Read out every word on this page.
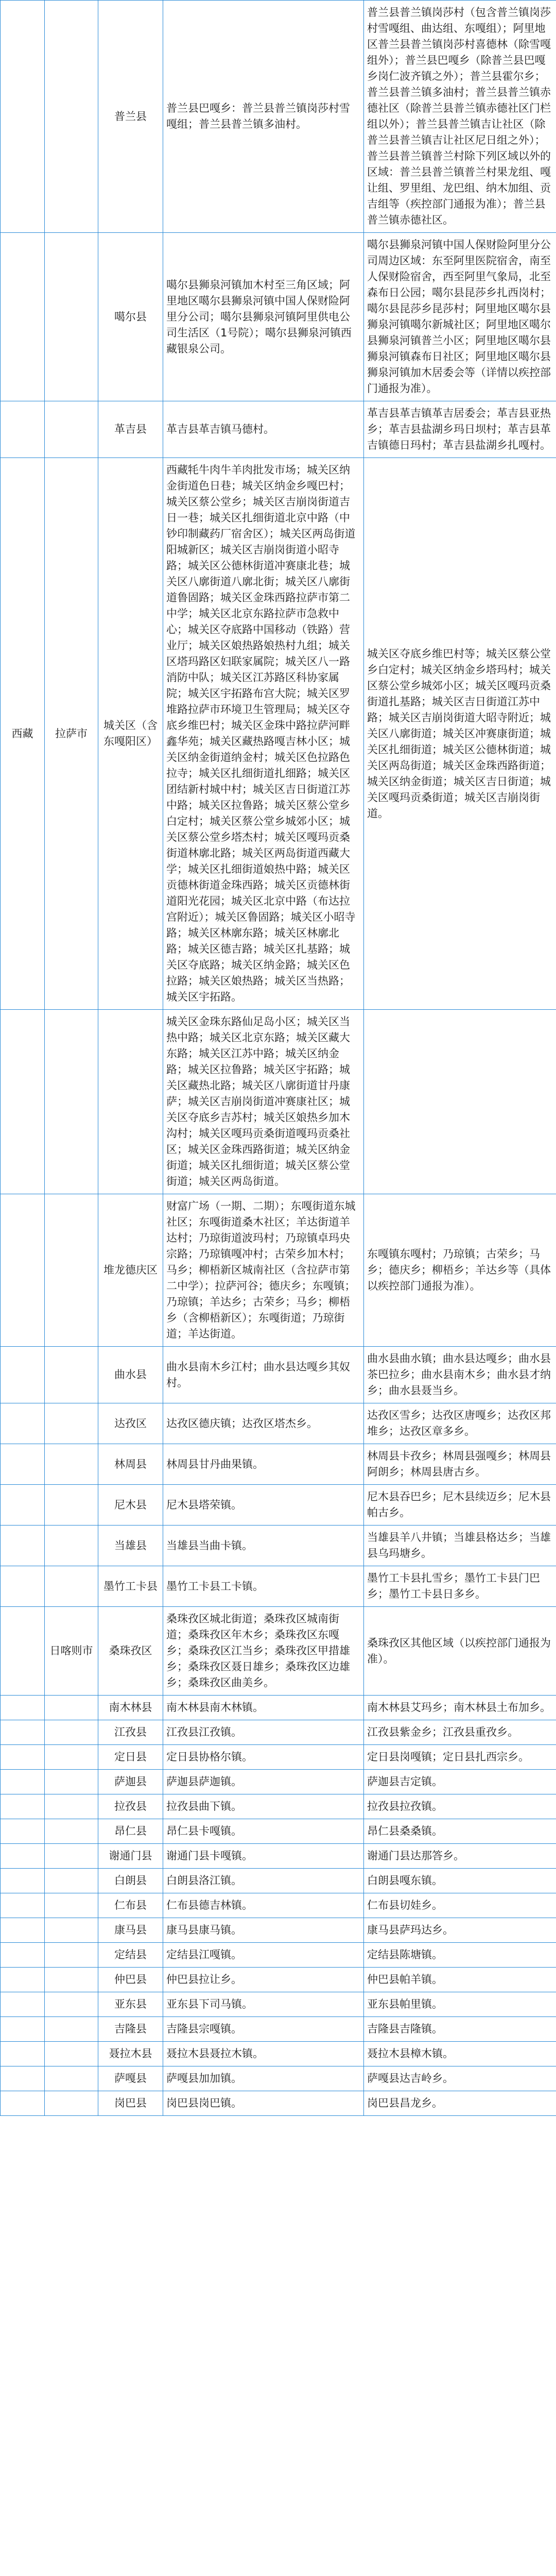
		普兰县	普兰县巴嘎乡：普兰县普兰镇岗莎村雪嘎组；普兰县普兰镇多油村。	普兰县普兰镇岗莎村（包含普兰镇岗莎村雪嘎组、曲达组、东嘎组）；阿里地区普兰县普兰镇岗莎村喜德林（除雪嘎组外）；普兰县巴嘎乡（除普兰县巴嘎乡岗仁波齐镇之外）；普兰县霍尔乡；普兰县普兰镇多油村；普兰县普兰镇赤德社区（除普兰县普兰镇赤德社区门栏组以外）；普兰县普兰镇吉让社区（除普兰县普兰镇吉让社区尼日组之外）；普兰县普兰镇普兰村除下列区域以外的区域：普兰县普兰镇普兰村果龙组、嘎让组、罗里组、龙巴组、纳木加组、贡吉组等（疾控部门通报为准）；普兰县普兰镇赤德社区。
		噶尔县	噶尔县狮泉河镇加木村至三角区域；阿里地区噶尔县狮泉河镇中国人保财险阿里分公司；噶尔县狮泉河镇阿里供电公司生活区（1号院）；噶尔县狮泉河镇西藏银泉公司。	噶尔县狮泉河镇中国人保财险阿里分公司周边区域：东至阿里医院宿舍，南至人保财险宿舍，西至阿里气象局，北至森布日公园；噶尔县昆莎乡扎西岗村；噶尔县昆莎乡昆莎村；阿里地区噶尔县狮泉河镇噶尔新城社区；阿里地区噶尔县狮泉河镇普兰小区；阿里地区噶尔县狮泉河镇森布日社区；阿里地区噶尔县狮泉河镇加木居委会等（详情以疾控部门通报为准）。
		革吉县	革吉县革吉镇马德村。	革吉县革吉镇革吉居委会；革吉县亚热乡；革吉县盐湖乡玛日坝村；革吉县革吉镇德日玛村；革吉县盐湖乡扎嘎村。
西藏	拉萨市	城关区（含东嘎阳区）	西藏牦牛肉牛羊肉批发市场；城关区纳金街道色日巷；城关区纳金乡嘎巴村；城关区蔡公堂乡；城关区吉崩岗街道吉日一巷；城关区扎细街道北京中路（中钞印制藏药厂宿舍区）；城关区两岛街道阳城新区；城关区吉崩岗街道小昭寺路；城关区公德林街道冲赛康北巷；城关区八廓街道八廓北街；城关区八廓街道鲁固路；城关区金珠西路拉萨市第二中学；城关区北京东路拉萨市急救中心；城关区夺底路中国移动（铁路）营业厅；城关区娘热路娘热村九组；城关区塔玛路区妇联家属院；城关区八一路消防中队；城关区江苏路区科协家属院；城关区宇拓路布宫大院；城关区罗堆路拉萨市环境卫生管理局；城关区夺底乡维巴村；城关区金珠中路拉萨河畔鑫华苑；城关区藏热路嘎吉林小区；城关区纳金街道纳金村；城关区色拉路色拉寺；城关区扎细街道扎细路；城关区团结新村城中村；城关区吉日街道江苏中路；城关区拉鲁路；城关区蔡公堂乡白定村；城关区蔡公堂乡城郊小区；城关区蔡公堂乡塔杰村；城关区嘎玛贡桑街道林廓北路；城关区两岛街道西藏大学；城关区扎细街道娘热中路；城关区贡德林街道金珠西路；城关区贡德林街道阳光花园；城关区北京中路（布达拉宫附近）；城关区鲁固路；城关区小昭寺路；城关区林廓东路；城关区林廓北路；城关区德吉路；城关区扎基路；城关区夺底路；城关区纳金路；城关区色拉路；城关区娘热路；城关区当热路；城关区宇拓路。	城关区夺底乡维巴村等；城关区蔡公堂乡白定村；城关区纳金乡塔玛村；城关区蔡公堂乡城郊小区；城关区嘎玛贡桑街道扎基路；城关区吉日街道江苏中路；城关区吉崩岗街道大昭寺附近；城关区八廓街道；城关区冲赛康街道；城关区扎细街道；城关区公德林街道；城关区两岛街道；城关区金珠西路街道；城关区纳金街道；城关区吉日街道；城关区嘎玛贡桑街道；城关区吉崩岗街道。
			城关区金珠东路仙足岛小区；城关区当热中路；城关区北京东路；城关区藏大东路；城关区江苏中路；城关区纳金路；城关区拉鲁路；城关区宇拓路；城关区藏热北路；城关区八廓街道甘丹康萨；城关区吉崩岗街道冲赛康社区；城关区夺底乡吉苏村；城关区娘热乡加木沟村；城关区嘎玛贡桑街道嘎玛贡桑社区；城关区金珠西路街道；城关区纳金街道；城关区扎细街道；城关区蔡公堂街道；城关区两岛街道。	
		堆龙德庆区	财富广场（一期、二期）；东嘎街道东城社区；东嘎街道桑木社区；羊达街道羊达村；乃琼街道波玛村；乃琼镇卓玛央宗路；乃琼镇嘎冲村；古荣乡加木村；马乡；柳梧新区城南社区（含拉萨市第二中学）；拉萨河谷；德庆乡；东嘎镇；乃琼镇；羊达乡；古荣乡；马乡；柳梧乡（含柳梧新区）；东嘎街道；乃琼街道；羊达街道。	东嘎镇东嘎村；乃琼镇；古荣乡；马乡；德庆乡；柳梧乡；羊达乡等（具体以疾控部门通报为准）。
		曲水县	曲水县南木乡江村；曲水县达嘎乡其奴村。	曲水县曲水镇；曲水县达嘎乡；曲水县茶巴拉乡；曲水县南木乡；曲水县才纳乡；曲水县聂当乡。
		达孜区	达孜区德庆镇；达孜区塔杰乡。	达孜区雪乡；达孜区唐嘎乡；达孜区邦堆乡；达孜区章多乡。
		林周县	林周县甘丹曲果镇。	林周县卡孜乡；林周县强嘎乡；林周县阿朗乡；林周县唐古乡。
		尼木县	尼木县塔荣镇。	尼木县吞巴乡；尼木县续迈乡；尼木县帕古乡。
		当雄县	当雄县当曲卡镇。	当雄县羊八井镇；当雄县格达乡；当雄县乌玛塘乡。
		墨竹工卡县	墨竹工卡县工卡镇。	墨竹工卡县扎雪乡；墨竹工卡县门巴乡；墨竹工卡县日多乡。
	日喀则市	桑珠孜区	桑珠孜区城北街道；桑珠孜区城南街道；桑珠孜区年木乡；桑珠孜区东嘎乡；桑珠孜区江当乡；桑珠孜区甲措雄乡；桑珠孜区聂日雄乡；桑珠孜区边雄乡；桑珠孜区曲美乡。	桑珠孜区其他区域（以疾控部门通报为准）。
		南木林县	南木林县南木林镇。	南木林县艾玛乡；南木林县土布加乡。
		江孜县	江孜县江孜镇。	江孜县紫金乡；江孜县重孜乡。
		定日县	定日县协格尔镇。	定日县岗嘎镇；定日县扎西宗乡。
		萨迦县	萨迦县萨迦镇。	萨迦县吉定镇。
		拉孜县	拉孜县曲下镇。	拉孜县拉孜镇。
		昂仁县	昂仁县卡嘎镇。	昂仁县桑桑镇。
		谢通门县	谢通门县卡嘎镇。	谢通门县达那答乡。
		白朗县	白朗县洛江镇。	白朗县嘎东镇。
		仁布县	仁布县德吉林镇。	仁布县切娃乡。
		康马县	康马县康马镇。	康马县萨玛达乡。
		定结县	定结县江嘎镇。	定结县陈塘镇。
		仲巴县	仲巴县拉让乡。	仲巴县帕羊镇。
		亚东县	亚东县下司马镇。	亚东县帕里镇。
		吉隆县	吉隆县宗嘎镇。	吉隆县吉隆镇。
		聂拉木县	聂拉木县聂拉木镇。	聂拉木县樟木镇。
		萨嘎县	萨嘎县加加镇。	萨嘎县达吉岭乡。
		岗巴县	岗巴县岗巴镇。	岗巴县昌龙乡。
